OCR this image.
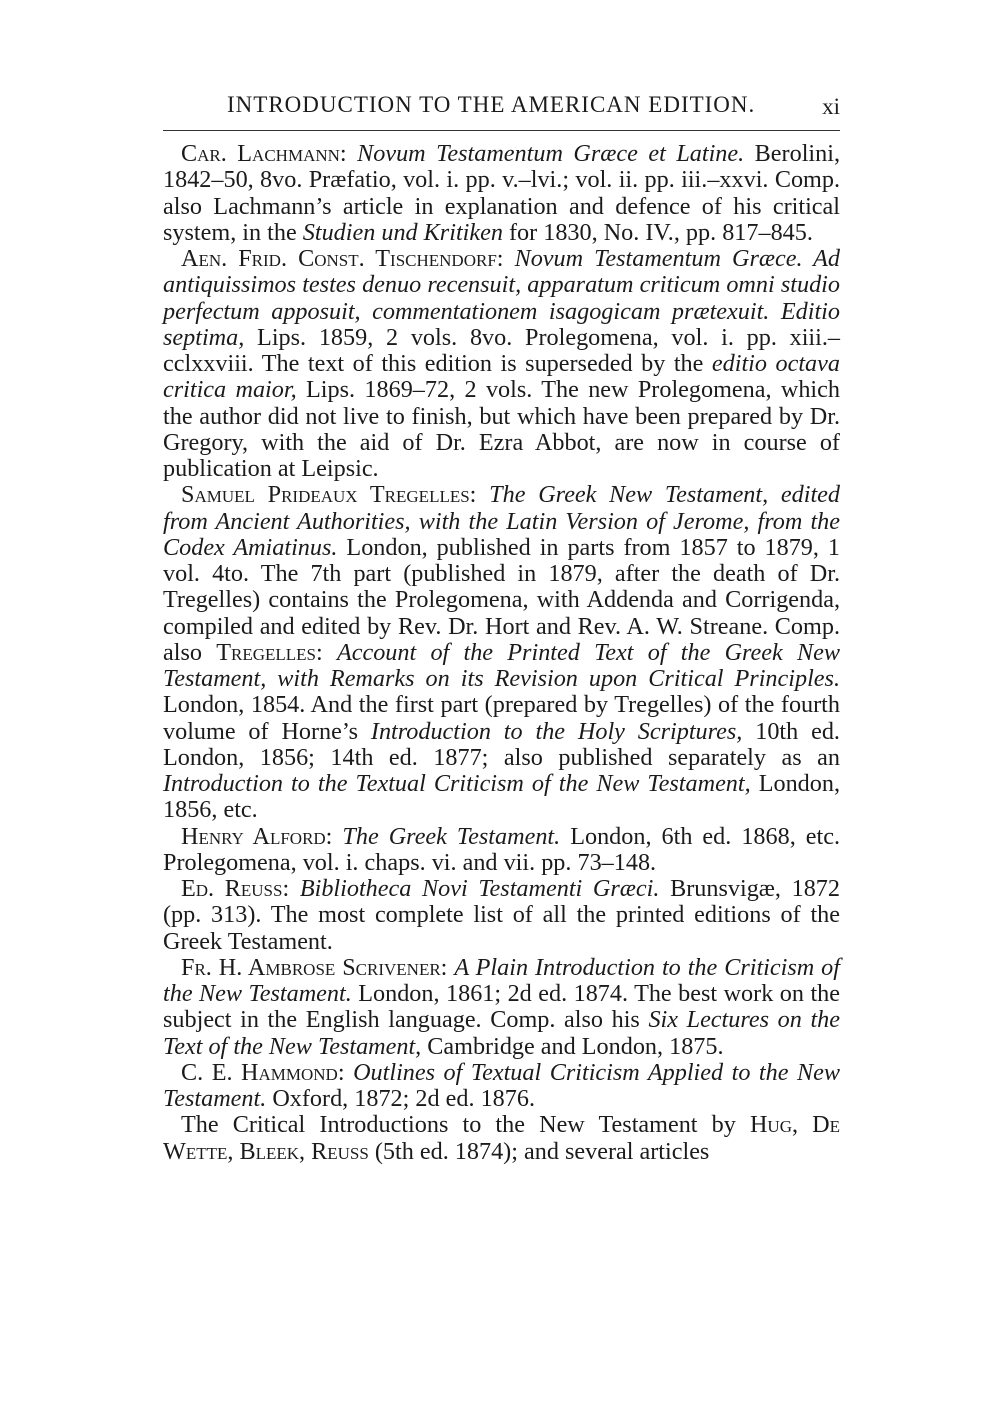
INTRODUCTION TO THE AMERICAN EDITION.	xi

Car. Lachmann: Novum Testamentum Græce et Latine. Berolini, 1842–50, 8vo. Præfatio, vol. i. pp. v.–lvi.; vol. ii. pp. iii.–xxvi. Comp. also Lachmann’s article in explanation and defence of his critical system, in the Studien und Kritiken for 1830, No. IV., pp. 817–845.

Aen. Frid. Const. Tischendorf: Novum Testamentum Græce. Ad antiquissimos testes denuo recensuit, apparatum criticum omni studio perfectum apposuit, commentationem isagogicam prætexuit. Editio septima, Lips. 1859, 2 vols. 8vo. Prolegomena, vol. i. pp. xiii.–cclxxviii. The text of this edition is superseded by the editio octava critica maior, Lips. 1869–72, 2 vols. The new Prolegomena, which the author did not live to finish, but which have been prepared by Dr. Gregory, with the aid of Dr. Ezra Abbot, are now in course of publication at Leipsic.

Samuel Prideaux Tregelles: The Greek New Testament, edited from Ancient Authorities, with the Latin Version of Jerome, from the Codex Amiatinus. London, published in parts from 1857 to 1879, 1 vol. 4to. The 7th part (published in 1879, after the death of Dr. Tregelles) contains the Prolegomena, with Addenda and Corrigenda, compiled and edited by Rev. Dr. Hort and Rev. A. W. Streane. Comp. also Tregelles: Account of the Printed Text of the Greek New Testament, with Remarks on its Revision upon Critical Principles. London, 1854. And the first part (prepared by Tregelles) of the fourth volume of Horne’s Introduction to the Holy Scriptures, 10th ed. London, 1856; 14th ed. 1877; also published separately as an Introduction to the Textual Criticism of the New Testament, London, 1856, etc.

Henry Alford: The Greek Testament. London, 6th ed. 1868, etc. Prolegomena, vol. i. chaps. vi. and vii. pp. 73–148.

Ed. Reuss: Bibliotheca Novi Testamenti Græci. Brunsvigæ, 1872 (pp. 313). The most complete list of all the printed editions of the Greek Testament.

Fr. H. Ambrose Scrivener: A Plain Introduction to the Criticism of the New Testament. London, 1861; 2d ed. 1874. The best work on the subject in the English language. Comp. also his Six Lectures on the Text of the New Testament, Cambridge and London, 1875.

C. E. Hammond: Outlines of Textual Criticism Applied to the New Testament. Oxford, 1872; 2d ed. 1876.

The Critical Introductions to the New Testament by Hug, De Wette, Bleek, Reuss (5th ed. 1874); and several articles
